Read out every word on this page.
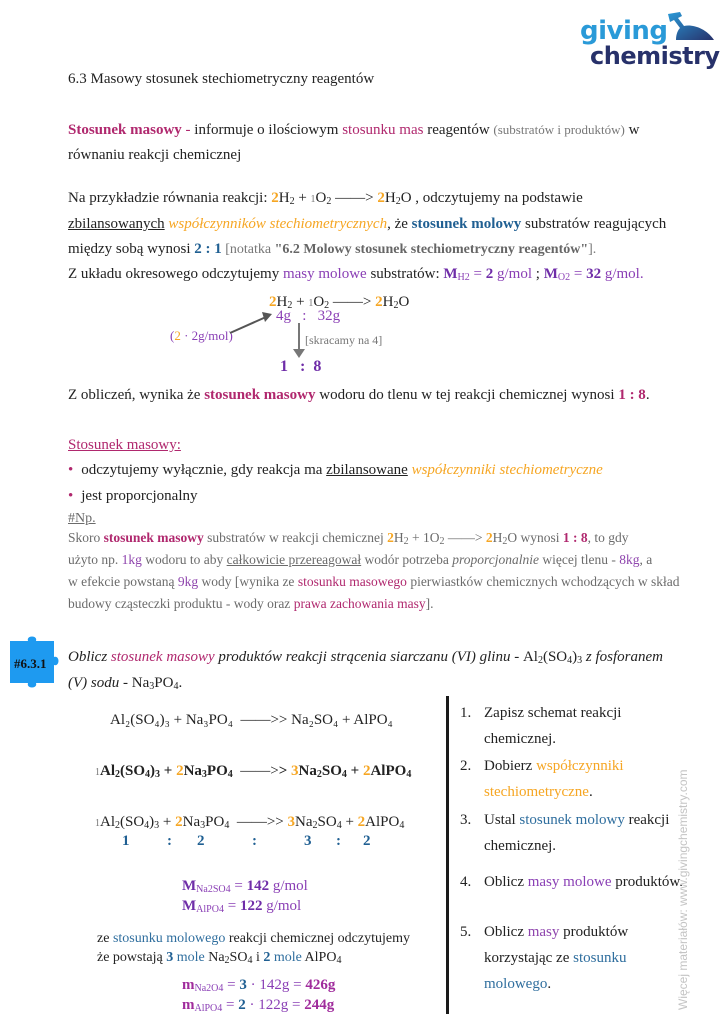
giving
chemistry
6.3 Masowy stosunek stechiometryczny reagentów
Stosunek masowy - informuje o ilościowym stosunku mas reagentów (substratów i produktów) w
równaniu reakcji chemicznej
Na przykładzie równania reakcji: $2H_2 + 1O_2$ ——> $2H_2O$ , odczytujemy na podstawie
zbilansowanych współczynników stechiometrycznych, że stosunek molowy substratów reagujących
między sobą wynosi 2 : 1 [notatka "6.2 Molowy stosunek stechiometryczny reagentów"].
Z układu okresowego odczytujemy masy molowe substratów: $M_{H2} = 2$ g/mol ; $M_{O2} = 32$ g/mol.
$2H_2 + 1O_2$ ——> $2H_2O$
4g   :   32g
(2 · 2g/mol)	[skracamy na 4]
1   :  8
Z obliczeń, wynika że stosunek masowy wodoru do tlenu w tej reakcji chemicznej wynosi 1 : 8.
Stosunek masowy:
• odczytujemy wyłącznie, gdy reakcja ma zbilansowane współczynniki stechiometryczne
• jest proporcjonalny
#Np.
Skoro stosunek masowy substratów w reakcji chemicznej $2H_2 + 1O_2$ ——> $2H_2O$ wynosi 1 : 8, to gdy
użyto np. 1kg wodoru to aby całkowicie przereagował wodór potrzeba proporcjonalnie więcej tlenu - 8kg, a
w efekcie powstaną 9kg wody [wynika ze stosunku masowego pierwiastków chemicznych wchodzących w skład
budowy cząsteczki produktu - wody oraz prawa zachowania masy].
#6.3.1 Oblicz stosunek masowy produktów reakcji strącenia siarczanu (VI) glinu - $Al_2(SO_4)_3$ z fosforanem
(V) sodu - $Na_3PO_4$.
Al₂(SO₄)₃ + Na₃PO₄ ——>> Na₂SO₄ + AlPO₄
$1Al_2(SO_4)_3 + 2Na_3PO_4$ ——>> $3Na_2SO_4$ + 2AlPO$_4$
$1Al_2(SO_4)_3 + 2Na_3PO_4$ ——>> $3Na_2SO_4$ + 2AlPO$_4$
1	: 2	:	3 : 2
$M_{Na2SO4} = 142$ g/mol
$M_{AlPO4} = 122$ g/mol
ze stosunku molowego reakcji chemicznej odczytujemy
że powstają 3 mole $Na_2SO_4$ i 2 mole AlPO$_4$
$m_{Na2O4} = 3 \cdot 142g = 426g$
$m_{AlPO4} = 2 \cdot 122g = 244g$
1. Zapisz schemat reakcji chemicznej.
2. Dobierz współczynniki stechiometryczne.
3. Ustal stosunek molowy reakcji chemicznej.
4. Oblicz masy molowe produktów.
5. Oblicz masy produktów korzystając ze stosunku molowego.	Więcej materiałów: www.givingchemistry.com
